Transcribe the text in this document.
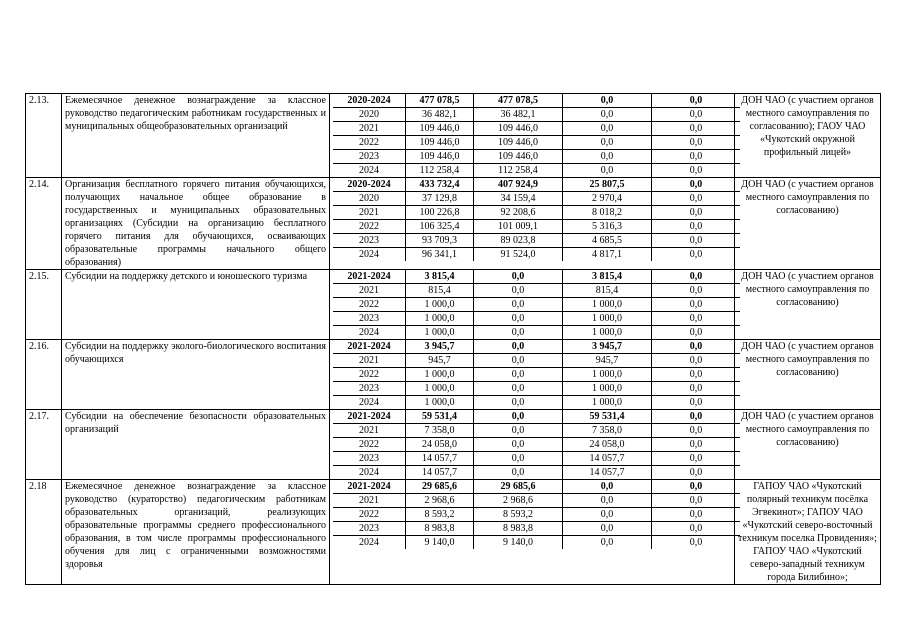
2.13.	Ежемесячное денежное вознаграждение за классное руководство педагогическим работникам государственных и муниципальных общеобразовательных организаций	
2020-2024	477 078,5	477 078,5	0,0	0,0
2020	36 482,1	36 482,1	0,0	0,0
2021	109 446,0	109 446,0	0,0	0,0
2022	109 446,0	109 446,0	0,0	0,0
2023	109 446,0	109 446,0	0,0	0,0
2024	112 258,4	112 258,4	0,0	0,0
	ДОН ЧАО (с участием органов местного самоуправления по согласованию); ГАОУ ЧАО «Чукотский окружной профильный лицей»
2.14.	Организация бесплатного горячего питания обучающихся, получающих начальное общее образование в государственных и муниципальных образовательных организациях (Субсидии на организацию бесплатного горячего питания для обучающихся, осваивающих образовательные программы начального общего образования)	
2020-2024	433 732,4	407 924,9	25 807,5	0,0
2020	37 129,8	34 159,4	2 970,4	0,0
2021	100 226,8	92 208,6	8 018,2	0,0
2022	106 325,4	101 009,1	5 316,3	0,0
2023	93 709,3	89 023,8	4 685,5	0,0
2024	96 341,1	91 524,0	4 817,1	0,0
	ДОН ЧАО (с участием органов местного самоуправления по согласованию)
2.15.	Субсидии на поддержку детского и юношеского туризма		2021-2024	3 815,4	0,0	3 815,4	0,0
2021	815,4	0,0	815,4	0,0
2022	1 000,0	0,0	1 000,0	0,0
2023	1 000,0	0,0	1 000,0	0,0
2024	1 000,0	0,0	1 000,0	0,0
	ДОН ЧАО (с участием органов местного самоуправления по согласованию)
2.16.	Субсидии на поддержку эколого-биологического воспитания обучающихся	
2021-2024	3 945,7	0,0	3 945,7	0,0
2021	945,7	0,0	945,7	0,0
2022	1 000,0	0,0	1 000,0	0,0
2023	1 000,0	0,0	1 000,0	0,0
2024	1 000,0	0,0	1 000,0	0,0
	ДОН ЧАО (с участием органов местного самоуправления по согласованию)
2.17.	Субсидии на обеспечение безопасности образовательных организаций	
2021-2024	59 531,4	0,0	59 531,4	0,0
2021	7 358,0	0,0	7 358,0	0,0
2022	24 058,0	0,0	24 058,0	0,0
2023	14 057,7	0,0	14 057,7	0,0
2024	14 057,7	0,0	14 057,7	0,0
	ДОН ЧАО (с участием органов местного самоуправления по согласованию)
2.18	Ежемесячное денежное вознаграждение за классное руководство (кураторство) педагогическим работникам образовательных организаций, реализующих образовательные программы среднего профессионального образования, в том числе программы профессионального обучения для лиц с ограниченными возможностями здоровья	
2021-2024	29 685,6	29 685,6	0,0	0,0
2021	2 968,6	2 968,6	0,0	0,0
2022	8 593,2	8 593,2	0,0	0,0
2023	8 983,8	8 983,8	0,0	0,0
2024	9 140,0	9 140,0	0,0	0,0
	ГАПОУ ЧАО «Чукотский полярный техникум посёлка Эгвекинот»; ГАПОУ ЧАО «Чукотский северо-восточный техникум поселка Провидения»; ГАПОУ ЧАО «Чукотский северо-западный техникум города Билибино»;
